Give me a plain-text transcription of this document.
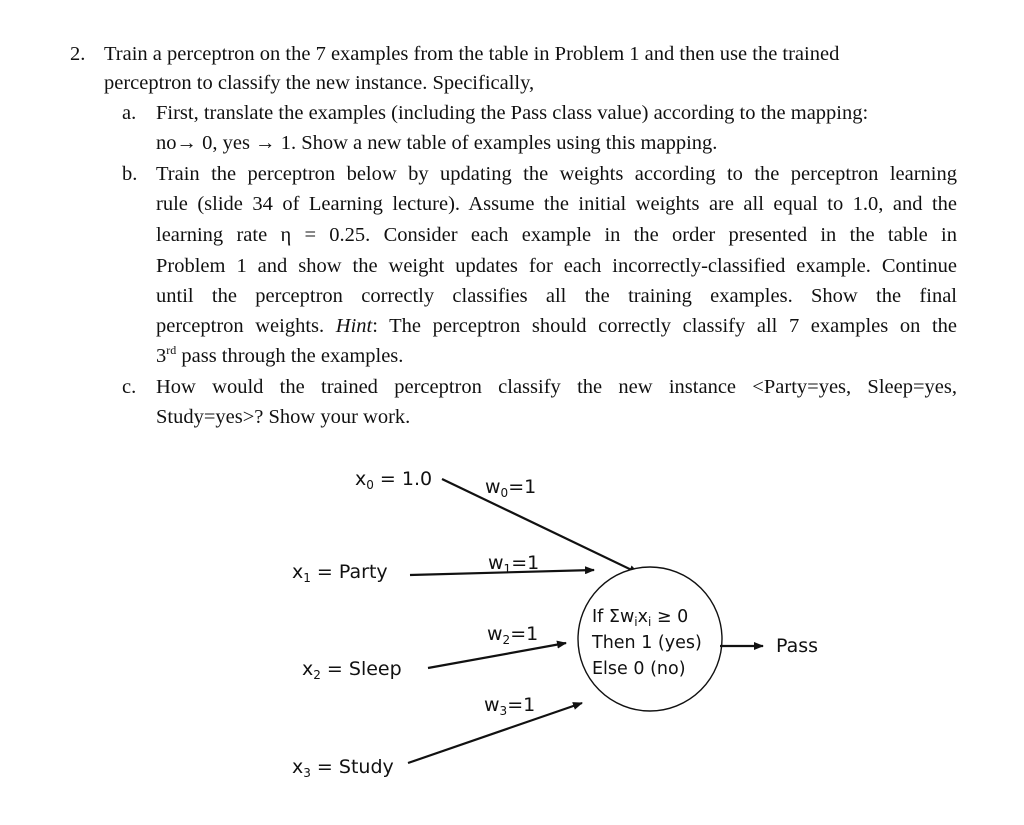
2. Train a perceptron on the 7 examples from the table in Problem 1 and then use the trained
perceptron to classify the new instance. Specifically,
a. First, translate the examples (including the Pass class value) according to the mapping:
no→ 0, yes → 1. Show a new table of examples using this mapping.
b. Train the perceptron below by updating the weights according to the perceptron learning
rule (slide 34 of Learning lecture). Assume the initial weights are all equal to 1.0, and the
learning rate η = 0.25. Consider each example in the order presented in the table in
Problem 1 and show the weight updates for each incorrectly-classified example. Continue
until the perceptron correctly classifies all the training examples. Show the final
perceptron weights. Hint: The perceptron should correctly classify all 7 examples on the
3rd pass through the examples.
c. How would the trained perceptron classify the new instance <Party=yes, Sleep=yes,
Study=yes>? Show your work.
$x_0 = 1.0$
$x_1$ = Party
$x_2$ = Sleep
$x_3$ = Study
$w_0=1$
$w_1=1$
$w_2=1$
$w_3=1$
If $\Sigma w_ix_i \ge 0$
Then 1 (yes)
Else 0 (no)
Pass
